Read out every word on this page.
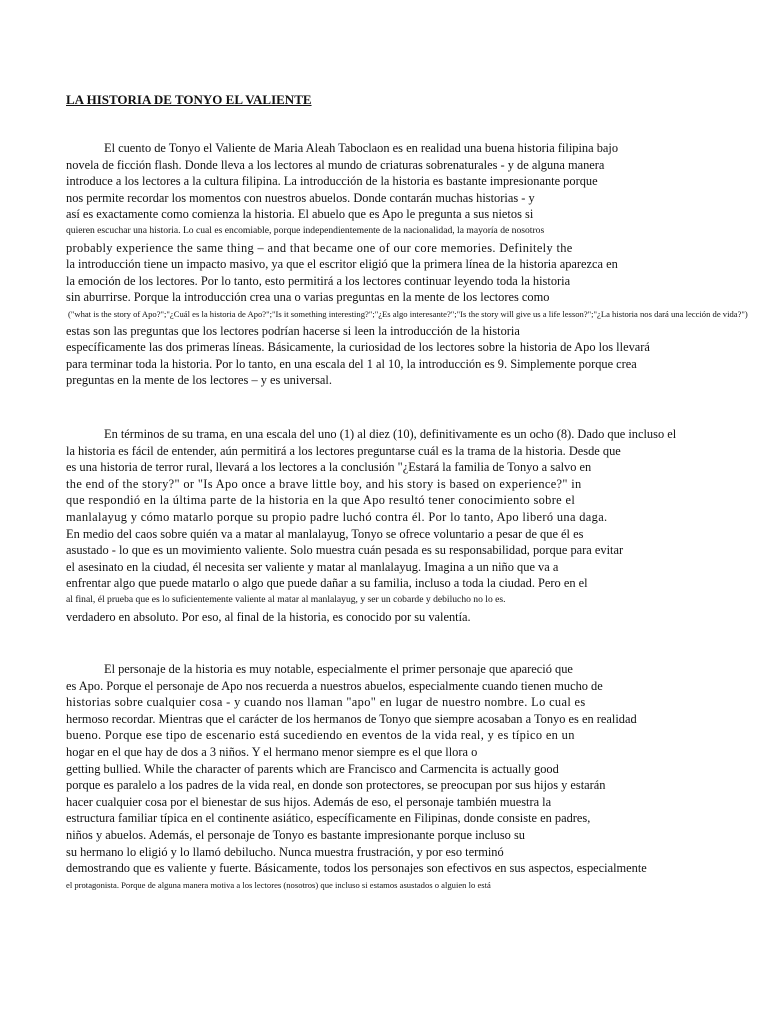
LA HISTORIA DE TONYO EL VALIENTE
El cuento de Tonyo el Valiente de Maria Aleah Taboclaon es en realidad una buena historia filipina bajo
novela de ficción flash. Donde lleva a los lectores al mundo de criaturas sobrenaturales - y de alguna manera
introduce a los lectores a la cultura filipina. La introducción de la historia es bastante impresionante porque
nos permite recordar los momentos con nuestros abuelos. Donde contarán muchas historias - y
así es exactamente como comienza la historia. El abuelo que es Apo le pregunta a sus nietos si
quieren escuchar una historia. Lo cual es encomiable, porque independientemente de la nacionalidad, la mayoría de nosotros
probably experience the same thing – and that became one of our core memories. Definitely the
la introducción tiene un impacto masivo, ya que el escritor eligió que la primera línea de la historia aparezca en
la emoción de los lectores. Por lo tanto, esto permitirá a los lectores continuar leyendo toda la historia
sin aburrirse. Porque la introducción crea una o varias preguntas en la mente de los lectores como
("what is the story of Apo?";"¿Cuál es la historia de Apo?";"Is it something interesting?";"¿Es algo interesante?";"Is the story will give us a life lesson?";"¿La historia nos dará una lección de vida?")
estas son las preguntas que los lectores podrían hacerse si leen la introducción de la historia
específicamente las dos primeras líneas. Básicamente, la curiosidad de los lectores sobre la historia de Apo los llevará
para terminar toda la historia. Por lo tanto, en una escala del 1 al 10, la introducción es 9. Simplemente porque crea
preguntas en la mente de los lectores – y es universal.
En términos de su trama, en una escala del uno (1) al diez (10), definitivamente es un ocho (8). Dado que incluso el
la historia es fácil de entender, aún permitirá a los lectores preguntarse cuál es la trama de la historia. Desde que
es una historia de terror rural, llevará a los lectores a la conclusión "¿Estará la familia de Tonyo a salvo en
the end of the story?" or "Is Apo once a brave little boy, and his story is based on experience?" in
que respondió en la última parte de la historia en la que Apo resultó tener conocimiento sobre el
manlalayug y cómo matarlo porque su propio padre luchó contra él. Por lo tanto, Apo liberó una daga.
En medio del caos sobre quién va a matar al manlalayug, Tonyo se ofrece voluntario a pesar de que él es
asustado - lo que es un movimiento valiente. Solo muestra cuán pesada es su responsabilidad, porque para evitar
el asesinato en la ciudad, él necesita ser valiente y matar al manlalayug. Imagina a un niño que va a
enfrentar algo que puede matarlo o algo que puede dañar a su familia, incluso a toda la ciudad. Pero en el
al final, él prueba que es lo suficientemente valiente al matar al manlalayug, y ser un cobarde y debilucho no lo es.
verdadero en absoluto. Por eso, al final de la historia, es conocido por su valentía.
El personaje de la historia es muy notable, especialmente el primer personaje que apareció que
es Apo. Porque el personaje de Apo nos recuerda a nuestros abuelos, especialmente cuando tienen mucho de
historias sobre cualquier cosa - y cuando nos llaman "apo" en lugar de nuestro nombre. Lo cual es
hermoso recordar. Mientras que el carácter de los hermanos de Tonyo que siempre acosaban a Tonyo es en realidad
bueno. Porque ese tipo de escenario está sucediendo en eventos de la vida real, y es típico en un
hogar en el que hay de dos a 3 niños. Y el hermano menor siempre es el que llora o
getting bullied. While the character of parents which are Francisco and Carmencita is actually good
porque es paralelo a los padres de la vida real, en donde son protectores, se preocupan por sus hijos y estarán
hacer cualquier cosa por el bienestar de sus hijos. Además de eso, el personaje también muestra la
estructura familiar típica en el continente asiático, específicamente en Filipinas, donde consiste en padres,
niños y abuelos. Además, el personaje de Tonyo es bastante impresionante porque incluso su
su hermano lo eligió y lo llamó debilucho. Nunca muestra frustración, y por eso terminó
demostrando que es valiente y fuerte. Básicamente, todos los personajes son efectivos en sus aspectos, especialmente
el protagonista. Porque de alguna manera motiva a los lectores (nosotros) que incluso si estamos asustados o alguien lo está
